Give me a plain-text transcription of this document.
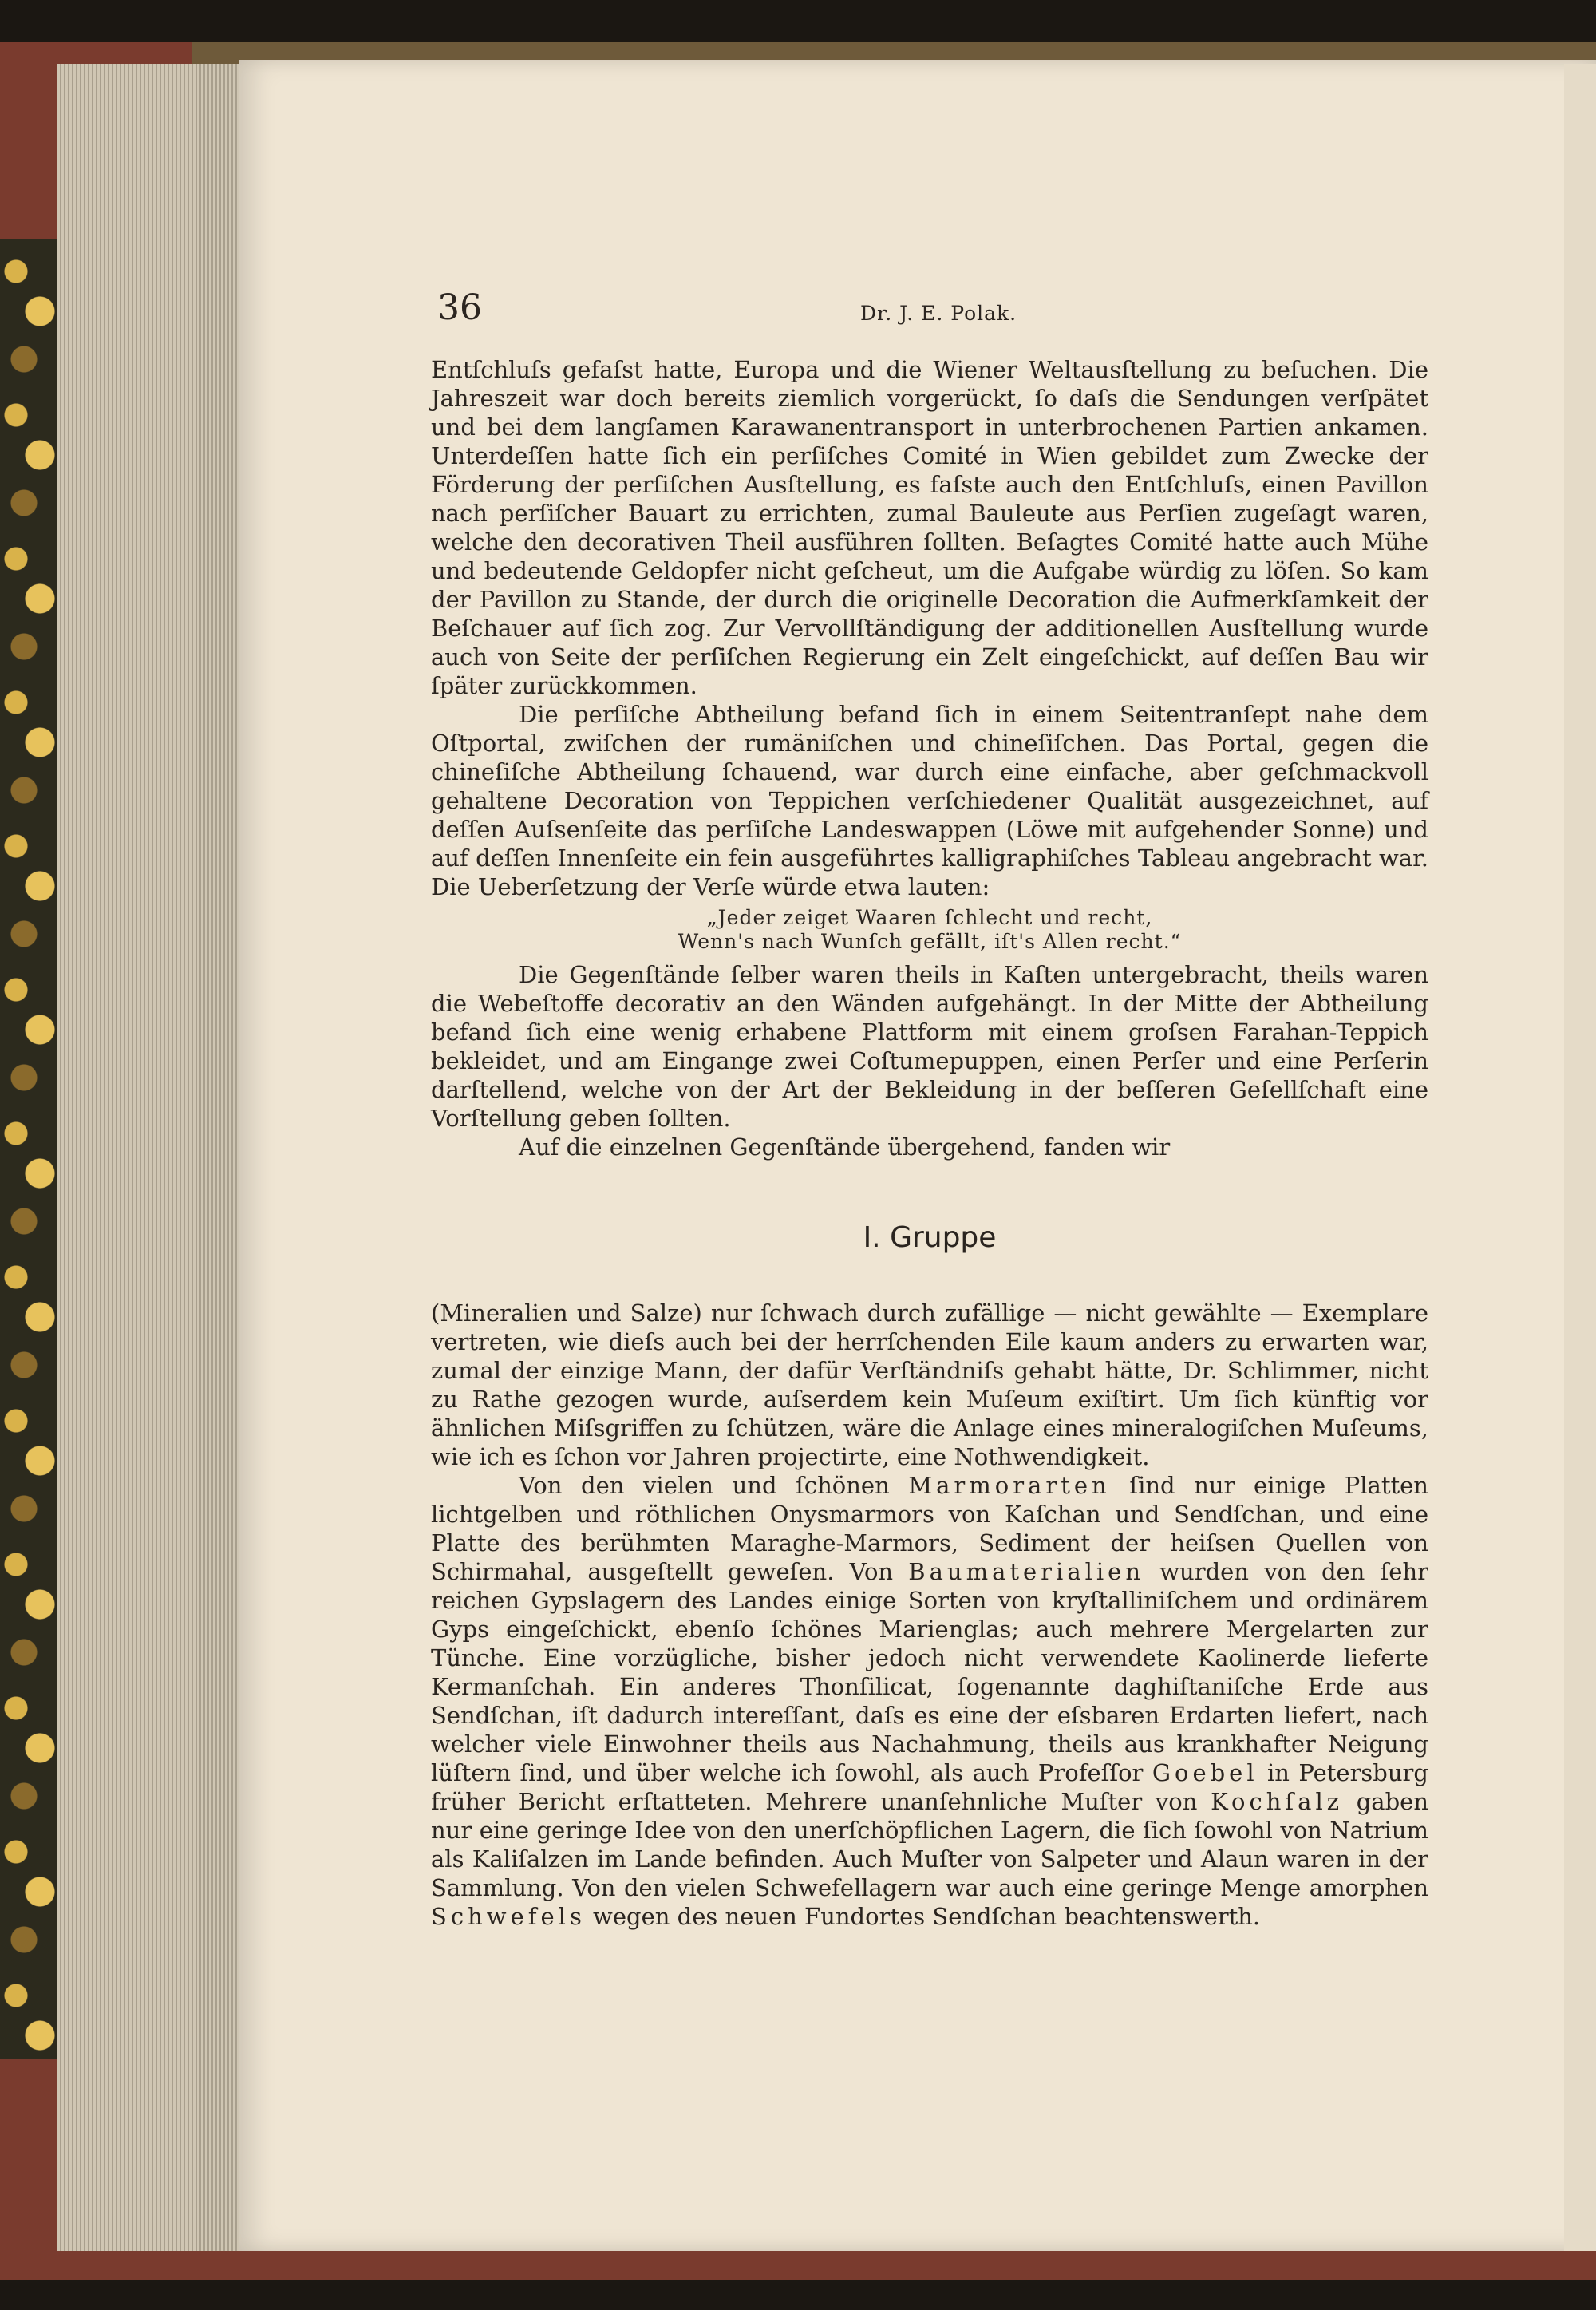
36	Dr. J. E. Polak.

Entſchluſs gefaſst hatte, Europa und die Wiener Weltausſtellung zu beſuchen. Die Jahreszeit war doch bereits ziemlich vorgerückt, ſo daſs die Sendungen verſpätet und bei dem langſamen Karawanentransport in unterbrochenen Partien ankamen. Unterdeſſen hatte ſich ein perſiſches Comité in Wien gebildet zum Zwecke der Förderung der perſiſchen Ausſtellung, es faſste auch den Entſchluſs, einen Pavillon nach perſiſcher Bauart zu errichten, zumal Bauleute aus Perſien zugeſagt waren, welche den decorativen Theil ausführen ſollten. Beſagtes Comité hatte auch Mühe und bedeutende Geldopfer nicht geſcheut, um die Aufgabe würdig zu löſen. So kam der Pavillon zu Stande, der durch die originelle Decoration die Aufmerkſamkeit der Beſchauer auf ſich zog. Zur Vervollſtändigung der additionellen Ausſtellung wurde auch von Seite der perſiſchen Regierung ein Zelt eingeſchickt, auf deſſen Bau wir ſpäter zurückkommen.

Die perſiſche Abtheilung befand ſich in einem Seitentranſept nahe dem Oſtportal, zwiſchen der rumäniſchen und chineſiſchen. Das Portal, gegen die chineſiſche Abtheilung ſchauend, war durch eine einfache, aber geſchmackvoll gehaltene Decoration von Teppichen verſchiedener Qualität ausgezeichnet, auf deſſen Auſsenſeite das perſiſche Landeswappen (Löwe mit aufgehender Sonne) und auf deſſen Innenſeite ein fein ausgeführtes kalligraphiſches Tableau angebracht war. Die Ueberſetzung der Verſe würde etwa lauten:

„Jeder zeiget Waaren ſchlecht und recht,
Wenn's nach Wunſch gefällt, iſt's Allen recht.“

Die Gegenſtände ſelber waren theils in Kaſten untergebracht, theils waren die Webeſtoffe decorativ an den Wänden aufgehängt. In der Mitte der Abtheilung befand ſich eine wenig erhabene Plattform mit einem groſsen Farahan-Teppich bekleidet, und am Eingange zwei Coſtumepuppen, einen Perſer und eine Perſerin darſtellend, welche von der Art der Bekleidung in der beſſeren Geſellſchaft eine Vorſtellung geben ſollten.

Auf die einzelnen Gegenſtände übergehend, fanden wir

I. Gruppe

(Mineralien und Salze) nur ſchwach durch zufällige — nicht gewählte — Exemplare vertreten, wie dieſs auch bei der herrſchenden Eile kaum anders zu erwarten war, zumal der einzige Mann, der dafür Verſtändniſs gehabt hätte, Dr. Schlimmer, nicht zu Rathe gezogen wurde, auſserdem kein Muſeum exiſtirt. Um ſich künftig vor ähnlichen Miſsgriffen zu ſchützen, wäre die Anlage eines mineralogiſchen Muſeums, wie ich es ſchon vor Jahren projectirte, eine Nothwendigkeit.

Von den vielen und ſchönen Marmorarten ſind nur einige Platten lichtgelben und röthlichen Onysmarmors von Kaſchan und Sendſchan, und eine Platte des berühmten Maraghe-Marmors, Sediment der heiſsen Quellen von Schirmahal, ausgeſtellt geweſen. Von Baumaterialien wurden von den ſehr reichen Gypslagern des Landes einige Sorten von kryſtalliniſchem und ordinärem Gyps eingeſchickt, ebenſo ſchönes Marienglas; auch mehrere Mergelarten zur Tünche. Eine vorzügliche, bisher jedoch nicht verwendete Kaolinerde lieferte Kermanſchah. Ein anderes Thonſilicat, ſogenannte daghiſtaniſche Erde aus Sendſchan, iſt dadurch intereſſant, daſs es eine der eſsbaren Erdarten liefert, nach welcher viele Einwohner theils aus Nachahmung, theils aus krankhafter Neigung lüſtern ſind, und über welche ich ſowohl, als auch Profeſſor Goebel in Petersburg früher Bericht erſtatteten. Mehrere unanſehnliche Muſter von Kochſalz gaben nur eine geringe Idee von den unerſchöpflichen Lagern, die ſich ſowohl von Natrium als Kaliſalzen im Lande befinden. Auch Muſter von Salpeter und Alaun waren in der Sammlung. Von den vielen Schwefellagern war auch eine geringe Menge amorphen Schwefels wegen des neuen Fundortes Sendſchan beachtenswerth.
